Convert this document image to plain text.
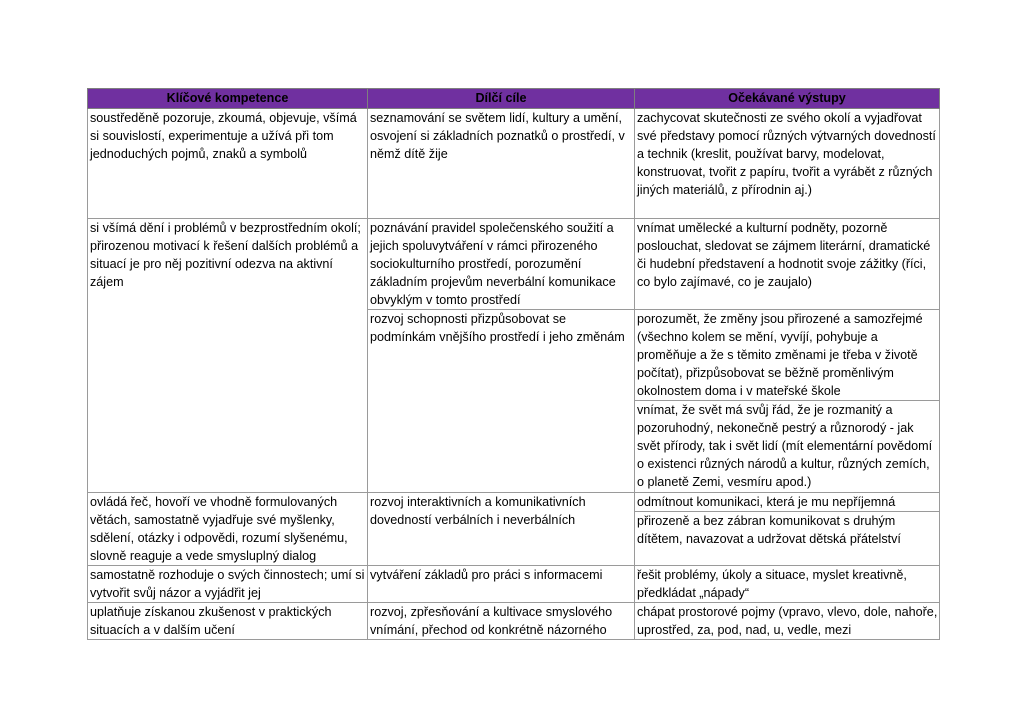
Klíčové kompetence	Dílčí cíle	Očekávané výstupy
soustředěně pozoruje, zkoumá, objevuje, všímá si souvislostí, experimentuje a užívá při tom jednoduchých pojmů, znaků a symbolů	seznamování se světem lidí, kultury a umění, osvojení si základních poznatků o prostředí, v němž dítě žije	zachycovat skutečnosti ze svého okolí a vyjadřovat své představy pomocí různých výtvarných dovedností a technik (kreslit, používat barvy, modelovat, konstruovat, tvořit z papíru, tvořit a vyrábět z různých jiných materiálů, z přírodnin aj.)
si všímá dění i problémů v bezprostředním okolí; přirozenou motivací k řešení dalších problémů a situací je pro něj pozitivní odezva na aktivní zájem	poznávání pravidel společenského soužití a jejich spoluvytváření v rámci přirozeného sociokulturního prostředí, porozumění základním projevům neverbální komunikace obvyklým v tomto prostředí	vnímat umělecké a kulturní podněty, pozorně poslouchat, sledovat se zájmem literární, dramatické či hudební představení a hodnotit svoje zážitky (říci, co bylo zajímavé, co je zaujalo)
	rozvoj schopnosti přizpůsobovat se podmínkám vnějšího prostředí i jeho změnám	porozumět, že změny jsou přirozené a samozřejmé (všechno kolem se mění, vyvíjí, pohybuje a proměňuje a že s těmito změnami je třeba v životě počítat), přizpůsobovat se běžně proměnlivým okolnostem doma i v mateřské škole
		vnímat, že svět má svůj řád, že je rozmanitý a pozoruhodný, nekonečně pestrý a různorodý - jak svět přírody, tak i svět lidí (mít elementární povědomí o existenci různých národů a kultur, různých zemích, o planetě Zemi, vesmíru apod.)
ovládá řeč, hovoří ve vhodně formulovaných větách, samostatně vyjadřuje své myšlenky, sdělení, otázky i odpovědi, rozumí slyšenému, slovně reaguje a vede smysluplný dialog	rozvoj interaktivních a komunikativních dovedností verbálních i neverbálních	odmítnout komunikaci, která je mu nepříjemná
		přirozeně a bez zábran komunikovat s druhým dítětem, navazovat a udržovat dětská přátelství
samostatně rozhoduje o svých činnostech; umí si vytvořit svůj názor a vyjádřit jej	vytváření základů pro práci s informacemi	řešit problémy, úkoly a situace, myslet kreativně, předkládat „nápady“
uplatňuje získanou zkušenost v praktických situacích a v dalším učení	rozvoj, zpřesňování a kultivace smyslového vnímání, přechod od konkrétně názorného	chápat prostorové pojmy (vpravo, vlevo, dole, nahoře, uprostřed, za, pod, nad, u, vedle, mezi
